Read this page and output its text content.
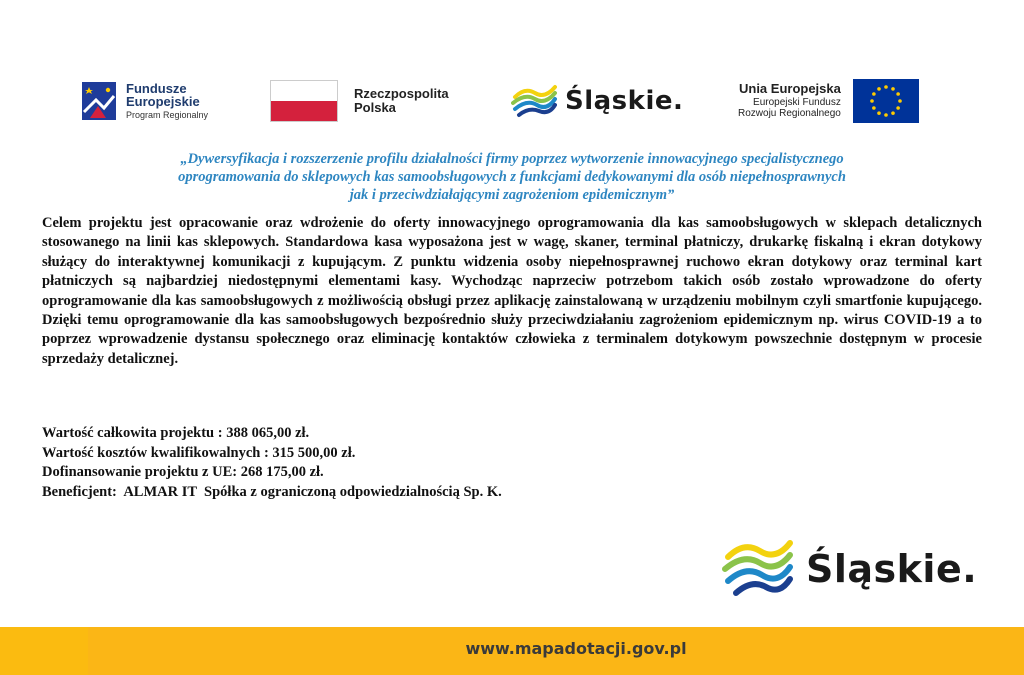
Fundusze
Europejskie
Program Regionalny
Rzeczpospolita
Polska	Śląskie.	Unia Europejska
Europejski Fundusz
Rozwoju Regionalnego
„Dywersyfikacja i rozszerzenie profilu działalności firmy poprzez wytworzenie innowacyjnego specjalistycznego
oprogramowania do sklepowych kas samoobsługowych z funkcjami dedykowanymi dla osób niepełnosprawnych
jak i przeciwdziałającymi zagrożeniom epidemicznym”
Celem projektu jest opracowanie oraz wdrożenie do oferty innowacyjnego oprogramowania dla kas samoobsługowych w sklepach detalicznych stosowanego na linii kas sklepowych. Standardowa kasa wyposażona jest w wagę, skaner, terminal płatniczy, drukarkę fiskalną i ekran dotykowy służący do interaktywnej komunikacji z kupującym. Z punktu widzenia osoby niepełnosprawnej ruchowo ekran dotykowy oraz terminal kart płatniczych są najbardziej niedostępnymi elementami kasy. Wychodząc naprzeciw potrzebom takich osób zostało wprowadzone do oferty oprogramowanie dla kas samoobsługowych z możliwością obsługi przez aplikację zainstalowaną w urządzeniu mobilnym czyli smartfonie kupującego. Dzięki temu oprogramowanie dla kas samoobsługowych bezpośrednio służy przeciwdziałaniu zagrożeniom epidemicznym np. wirus COVID-19 a to poprzez wprowadzenie dystansu społecznego oraz eliminację kontaktów człowieka z terminalem dotykowym powszechnie dostępnym w procesie sprzedaży detalicznej.
Wartość całkowita projektu : 388 065,00 zł.
Wartość kosztów kwalifikowalnych : 315 500,00 zł.
Dofinansowanie projektu z UE: 268 175,00 zł.
Beneficjent:  ALMAR IT  Spółka z ograniczoną odpowiedzialnością Sp. K.
Śląskie.
www.mapadotacji.gov.pl
